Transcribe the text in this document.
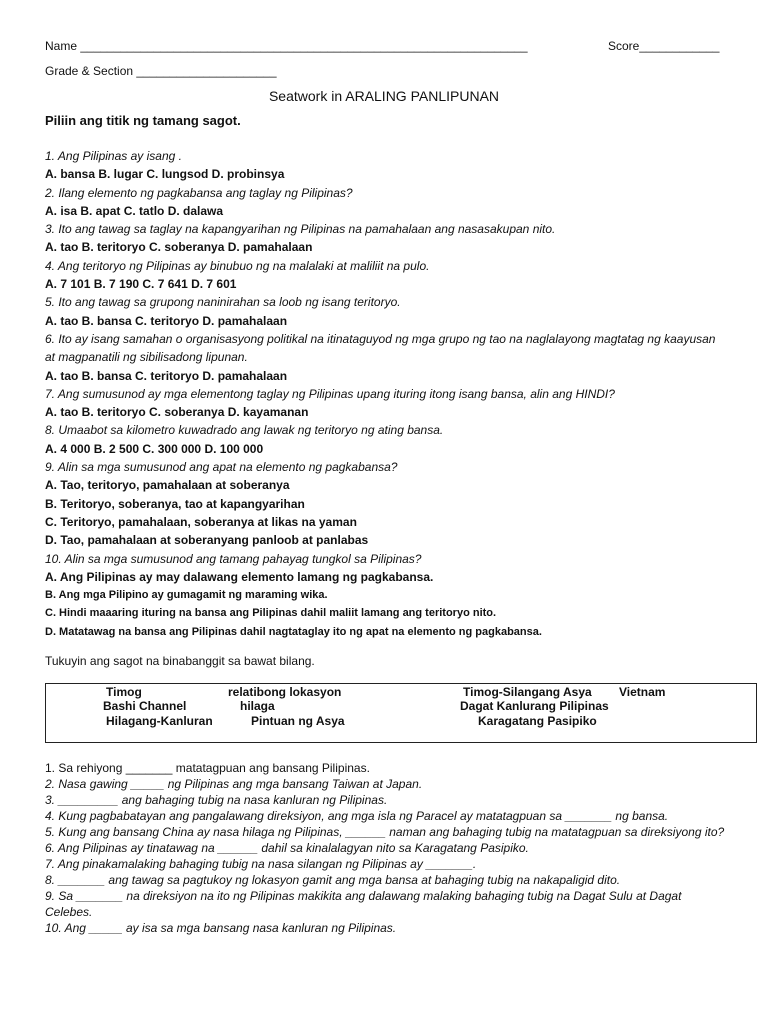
Name ___________________________________________________________________	Score____________
Grade & Section _____________________
Seatwork in ARALING PANLIPUNAN
Piliin ang titik ng tamang sagot.

1. Ang Pilipinas ay isang .

A. bansa B. lugar C. lungsod D. probinsya

2. Ilang elemento ng pagkabansa ang taglay ng Pilipinas?

A. isa B. apat C. tatlo D. dalawa

3. Ito ang tawag sa taglay na kapangyarihan ng Pilipinas na pamahalaan ang nasasakupan nito.

A. tao B. teritoryo C. soberanya D. pamahalaan

4. Ang teritoryo ng Pilipinas ay binubuo ng na malalaki at maliliit na pulo.

A. 7 101 B. 7 190 C. 7 641 D. 7 601

5. Ito ang tawag sa grupong naninirahan sa loob ng isang teritoryo.

A. tao B. bansa C. teritoryo D. pamahalaan

6. Ito ay isang samahan o organisasyong politikal na itinataguyod ng mga grupo ng tao na naglalayong magtatag ng kaayusan at magpanatili ng sibilisadong lipunan.

A. tao B. bansa C. teritoryo D. pamahalaan

7. Ang sumusunod ay mga elementong taglay ng Pilipinas upang ituring itong isang bansa, alin ang HINDI?

A. tao B. teritoryo C. soberanya D. kayamanan

8. Umaabot sa kilometro kuwadrado ang lawak ng teritoryo ng ating bansa.

A. 4 000 B. 2 500 C. 300 000 D. 100 000

9. Alin sa mga sumusunod ang apat na elemento ng pagkabansa?

A. Tao, teritoryo, pamahalaan at soberanya

B. Teritoryo, soberanya, tao at kapangyarihan

C. Teritoryo, pamahalaan, soberanya at likas na yaman

D. Tao, pamahalaan at soberanyang panloob at panlabas

10. Alin sa mga sumusunod ang tamang pahayag tungkol sa Pilipinas?

A. Ang Pilipinas ay may dalawang elemento lamang ng pagkabansa.

B. Ang mga Pilipino ay gumagamit ng maraming wika.

C. Hindi maaaring ituring na bansa ang Pilipinas dahil maliit lamang ang teritoryo nito.

D. Matatawag na bansa ang Pilipinas dahil nagtataglay ito ng apat na elemento ng pagkabansa.

Tukuyin ang sagot na binabanggit sa bawat bilang.
Timog	relatibong lokasyon	Timog-Silangang Asya Vietnam
Bashi Channel	hilaga	Dagat Kanlurang Pilipinas
Hilagang-Kanluran	Pintuan ng Asya	Karagatang Pasipiko

1. Sa rehiyong _______ matatagpuan ang bansang Pilipinas.

2. Nasa gawing _____ ng Pilipinas ang mga bansang Taiwan at Japan.

3. _________ ang bahaging tubig na nasa kanluran ng Pilipinas.

4. Kung pagbabatayan ang pangalawang direksiyon, ang mga isla ng Paracel ay matatagpuan sa _______ ng bansa.

5. Kung ang bansang China ay nasa hilaga ng Pilipinas, ______ naman ang bahaging tubig na matatagpuan sa direksiyong ito?

6. Ang Pilipinas ay tinatawag na ______ dahil sa kinalalagyan nito sa Karagatang Pasipiko.

7. Ang pinakamalaking bahaging tubig na nasa silangan ng Pilipinas ay _______.

8. _______ ang tawag sa pagtukoy ng lokasyon gamit ang mga bansa at bahaging tubig na nakapaligid dito.

9. Sa _______ na direksiyon na ito ng Pilipinas makikita ang dalawang malaking bahaging tubig na Dagat Sulu at Dagat Celebes.

10. Ang _____ ay isa sa mga bansang nasa kanluran ng Pilipinas.
